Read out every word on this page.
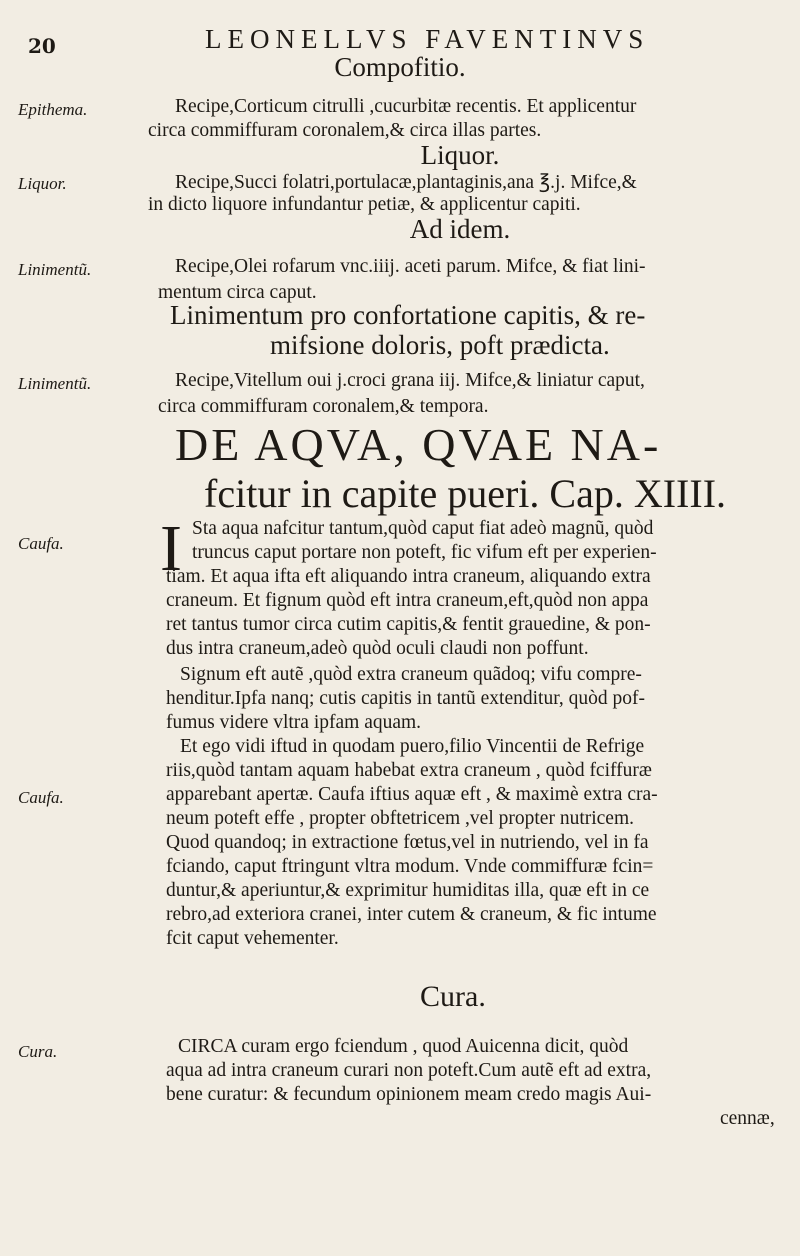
20	LEONELLVS FAVENTINVS
Compofitio.
Epithema.	Recipe,Corticum citrulli ,cucurbitæ recentis. Et applicentur
circa commiffuram coronalem,& circa illas partes.
Liquor.
Liquor.	Recipe,Succi folatri,portulacæ,plantaginis,ana ℥.j. Mifce,&
in dicto liquore infundantur petiæ, & applicentur capiti.
Ad idem.
Linimentũ.	Recipe,Olei rofarum vnc.iiij. aceti parum. Mifce, & fiat lini-
mentum circa caput.
Linimentum pro confortatione capitis, & re-
mifsione doloris, poft prædicta.
Linimentũ.	Recipe,Vitellum oui j.croci grana iij. Mifce,& liniatur caput,
circa commiffuram coronalem,& tempora.
DE AQVA, QVAE NA-
fcitur in capite pueri. Cap. XIIII.
Caufa.	I Sta aqua nafcitur tantum,quòd caput fiat adeò magnũ, quòd
truncus caput portare non poteft, fic vifum eft per experien-
tiam. Et aqua ifta eft aliquando intra craneum, aliquando extra
craneum. Et fignum quòd eft intra craneum,eft,quòd non appa
ret tantus tumor circa cutim capitis,& fentit grauedine, & pon-
dus intra craneum,adeò quòd oculi claudi non poffunt.
Signum eft autẽ ,quòd extra craneum quãdoq; vifu compre-
henditur.Ipfa nanq; cutis capitis in tantũ extenditur, quòd pof-
fumus videre vltra ipfam aquam.
Et ego vidi iftud in quodam puero,filio Vincentii de Refrige
riis,quòd tantam aquam habebat extra craneum , quòd fciffuræ
Caufa.	apparebant apertæ. Caufa iftius aquæ eft , & maximè extra cra-
neum poteft effe , propter obftetricem ,vel propter nutricem.
Quod quandoq; in extractione fœtus,vel in nutriendo, vel in fa
fciando, caput ftringunt vltra modum. Vnde commiffuræ fcin=
duntur,& aperiuntur,& exprimitur humiditas illa, quæ eft in ce
rebro,ad exteriora cranei, inter cutem & craneum, & fic intume
fcit caput vehementer.
Cura.
Cura.	CIRCA curam ergo fciendum , quod Auicenna dicit, quòd
aqua ad intra craneum curari non poteft.Cum autẽ eft ad extra,
bene curatur: & fecundum opinionem meam credo magis Aui-
cennæ,
